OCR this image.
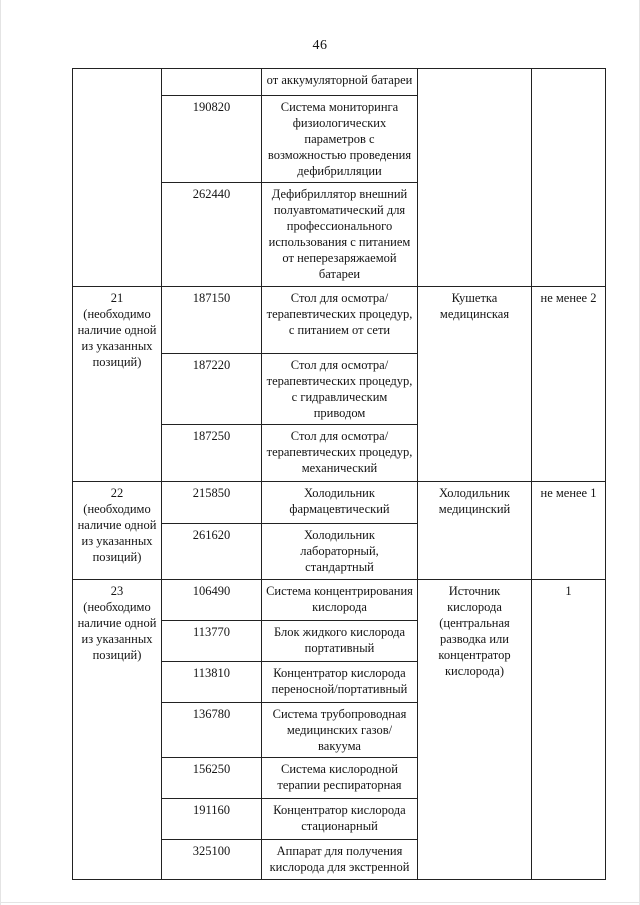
46
		от аккумуляторной батареи		
	190820	Система мониторинга физиологических параметров с возможностью проведения дефибрилляции		
	262440	Дефибриллятор внешний полуавтоматический для профессионального использования с питанием от неперезаряжаемой батареи		
21 (необходимо наличие одной из указанных позиций)	187150	Стол для осмотра/терапевтических процедур, с питанием от сети	Кушетка медицинская	не менее 2
	187220	Стол для осмотра/терапевтических процедур, с гидравлическим приводом		
	187250	Стол для осмотра/терапевтических процедур, механический		
22 (необходимо наличие одной из указанных позиций)	215850	Холодильник фармацевтический	Холодильник медицинский	не менее 1
	261620	Холодильник лабораторный, стандартный		
23 (необходимо наличие одной из указанных позиций)	106490	Система концентрирования кислорода	Источник кислорода (центральная разводка или концентратор кислорода)	1
	113770	Блок жидкого кислорода портативный		
	113810	Концентратор кислорода переносной/портативный		
	136780	Система трубопроводная медицинских газов/вакуума		
	156250	Система кислородной терапии респираторная		
	191160	Концентратор кислорода стационарный		
	325100	Аппарат для получения кислорода для экстренной		
